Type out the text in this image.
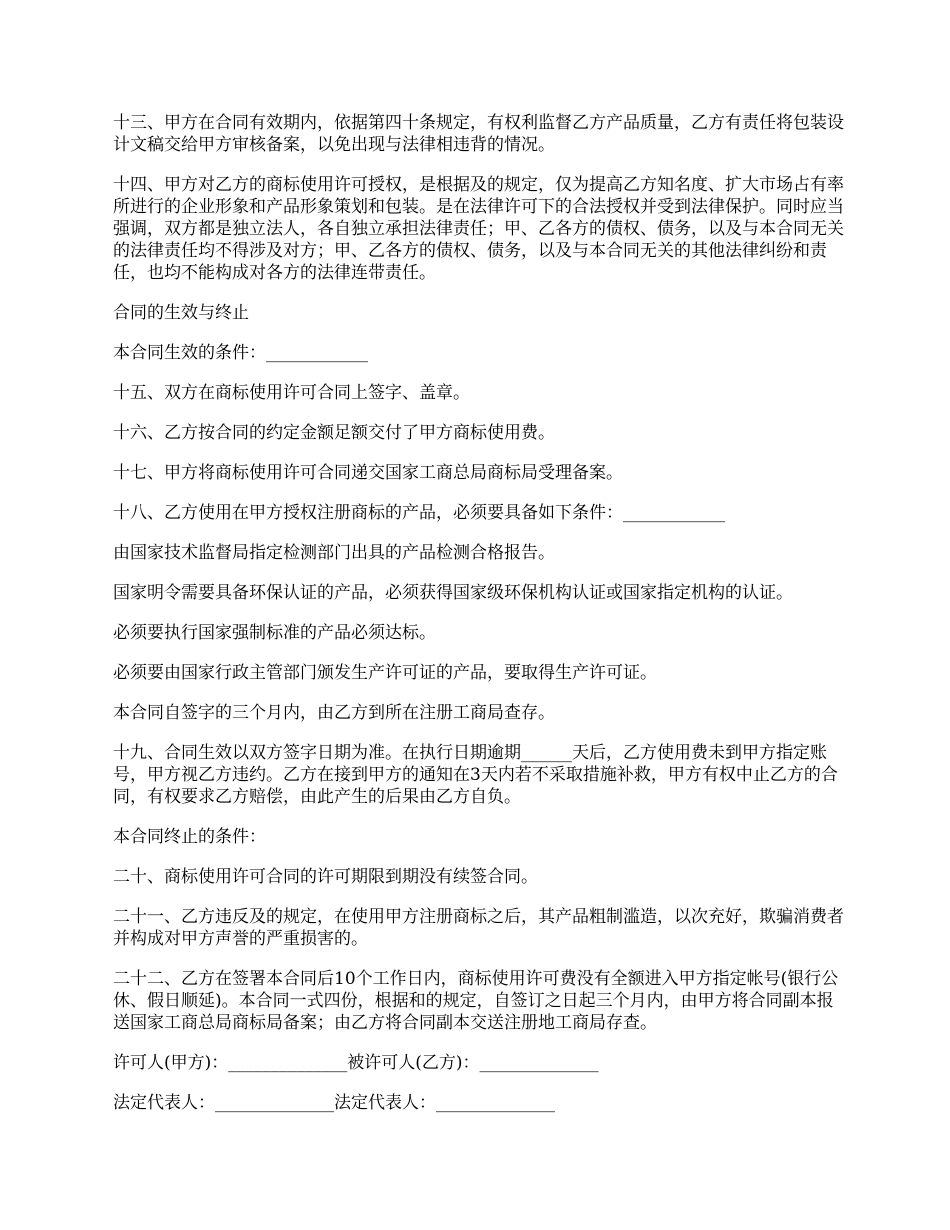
十三、甲方在合同有效期内，依据第四十条规定，有权利监督乙方产品质量，乙方有责任将包装设计文稿交给甲方审核备案，以免出现与法律相违背的情况。

十四、甲方对乙方的商标使用许可授权，是根据及的规定，仅为提高乙方知名度、扩大市场占有率所进行的企业形象和产品形象策划和包装。是在法律许可下的合法授权并受到法律保护。同时应当强调，双方都是独立法人，各自独立承担法律责任；甲、乙各方的债权、债务，以及与本合同无关的法律责任均不得涉及对方；甲、乙各方的债权、债务，以及与本合同无关的其他法律纠纷和责任，也均不能构成对各方的法律连带责任。

合同的生效与终止

本合同生效的条件：____________

十五、双方在商标使用许可合同上签字、盖章。

十六、乙方按合同的约定金额足额交付了甲方商标使用费。

十七、甲方将商标使用许可合同递交国家工商总局商标局受理备案。

十八、乙方使用在甲方授权注册商标的产品，必须要具备如下条件：____________

由国家技术监督局指定检测部门出具的产品检测合格报告。

国家明令需要具备环保认证的产品，必须获得国家级环保机构认证或国家指定机构的认证。

必须要执行国家强制标准的产品必须达标。

必须要由国家行政主管部门颁发生产许可证的产品，要取得生产许可证。

本合同自签字的三个月内，由乙方到所在注册工商局查存。

十九、合同生效以双方签字日期为准。在执行日期逾期______天后，乙方使用费未到甲方指定账号，甲方视乙方违约。乙方在接到甲方的通知在3天内若不采取措施补救，甲方有权中止乙方的合同，有权要求乙方赔偿，由此产生的后果由乙方自负。

本合同终止的条件：

二十、商标使用许可合同的许可期限到期没有续签合同。

二十一、乙方违反及的规定，在使用甲方注册商标之后，其产品粗制滥造，以次充好，欺骗消费者并构成对甲方声誉的严重损害的。

二十二、乙方在签署本合同后10个工作日内，商标使用许可费没有全额进入甲方指定帐号(银行公休、假日顺延)。本合同一式四份，根据和的规定，自签订之日起三个月内，由甲方将合同副本报送国家工商总局商标局备案；由乙方将合同副本交送注册地工商局存查。

许可人(甲方)：______________被许可人(乙方)：______________

法定代表人：______________法定代表人：______________
